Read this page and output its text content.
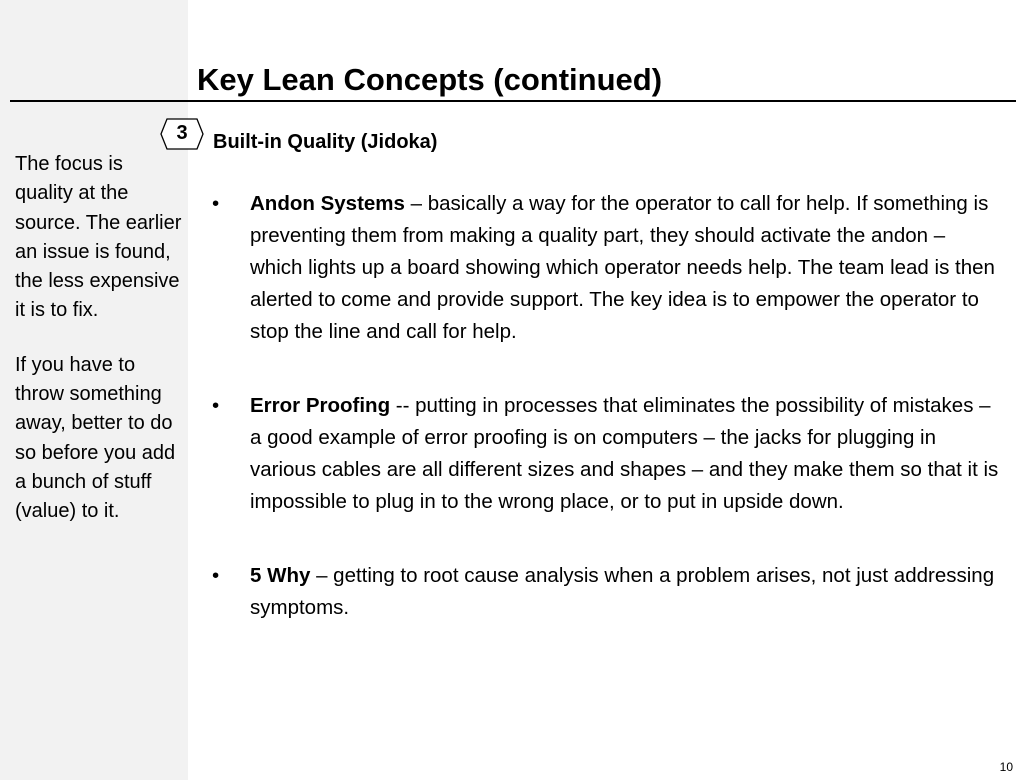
Key Lean Concepts (continued)
3	Built-in Quality (Jidoka)

The focus is quality at the source. The earlier an issue is found, the less expensive it is to fix.

If you have to throw something away, better to do so before you add a bunch of stuff (value) to it.

• Andon Systems – basically a way for the operator to call for help. If something is preventing them from making a quality part, they should activate the andon – which lights up a board showing which operator needs help. The team lead is then alerted to come and provide support. The key idea is to empower the operator to stop the line and call for help.
• Error Proofing -- putting in processes that eliminates the possibility of mistakes – a good example of error proofing is on computers – the jacks for plugging in various cables are all different sizes and shapes – and they make them so that it is impossible to plug in to the wrong place, or to put in upside down.
• 5 Why – getting to root cause analysis when a problem arises, not just addressing symptoms.
10
